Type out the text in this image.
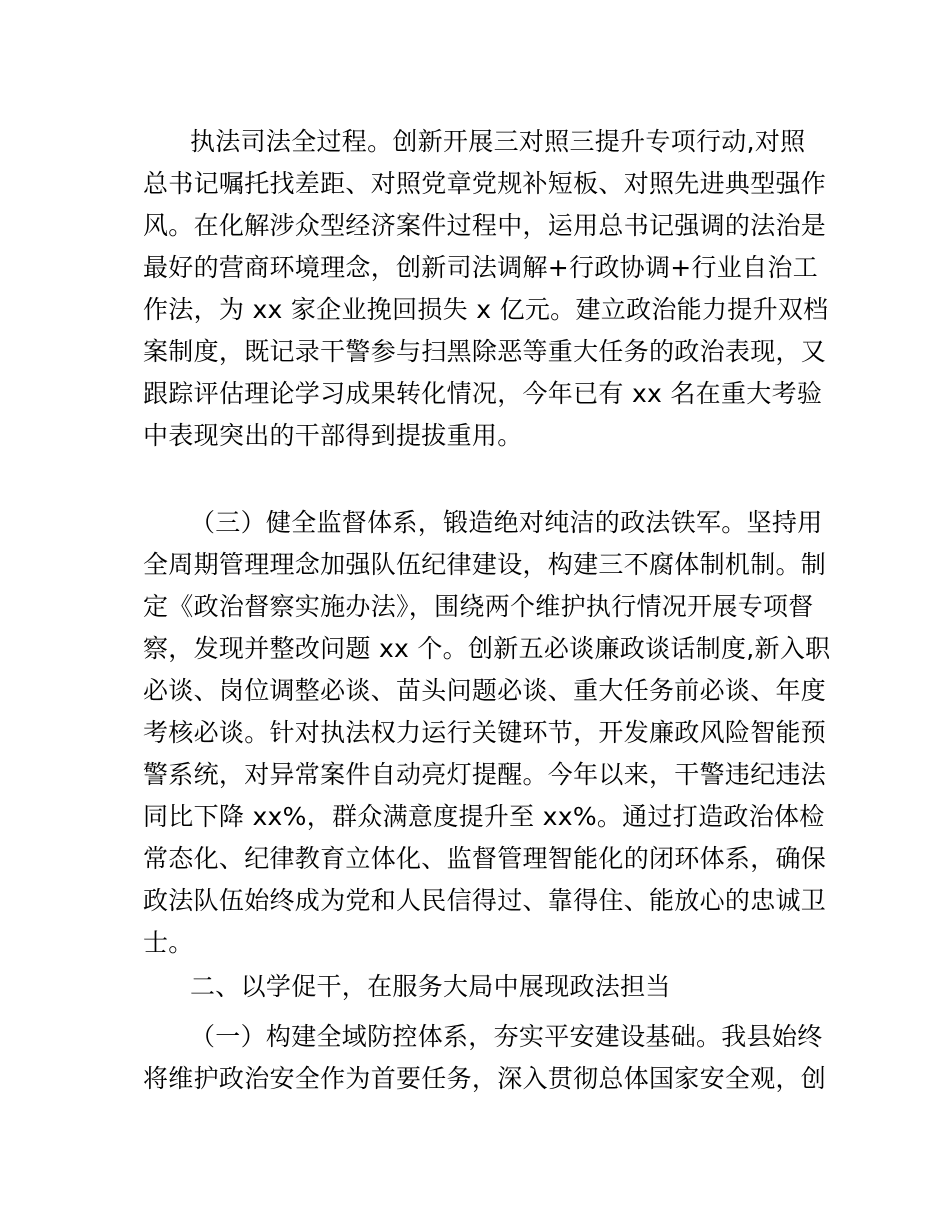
执法司法全过程。创新开展三对照三提升专项行动,对照
总书记嘱托找差距、对照党章党规补短板、对照先进典型强作
风。在化解涉众型经济案件过程中，运用总书记强调的法治是
最好的营商环境理念，创新司法调解+行政协调+行业自治工
作法，为 xx 家企业挽回损失 x 亿元。建立政治能力提升双档
案制度，既记录干警参与扫黑除恶等重大任务的政治表现，又
跟踪评估理论学习成果转化情况，今年已有 xx 名在重大考验
中表现突出的干部得到提拔重用。
（三）健全监督体系，锻造绝对纯洁的政法铁军。坚持用
全周期管理理念加强队伍纪律建设，构建三不腐体制机制。制
定《政治督察实施办法》，围绕两个维护执行情况开展专项督
察，发现并整改问题 xx 个。创新五必谈廉政谈话制度,新入职
必谈、岗位调整必谈、苗头问题必谈、重大任务前必谈、年度
考核必谈。针对执法权力运行关键环节，开发廉政风险智能预
警系统，对异常案件自动亮灯提醒。今年以来，干警违纪违法
同比下降 xx%，群众满意度提升至 xx%。通过打造政治体检
常态化、纪律教育立体化、监督管理智能化的闭环体系，确保
政法队伍始终成为党和人民信得过、靠得住、能放心的忠诚卫
士。
二、以学促干，在服务大局中展现政法担当
（一）构建全域防控体系，夯实平安建设基础。我县始终
将维护政治安全作为首要任务，深入贯彻总体国家安全观，创
